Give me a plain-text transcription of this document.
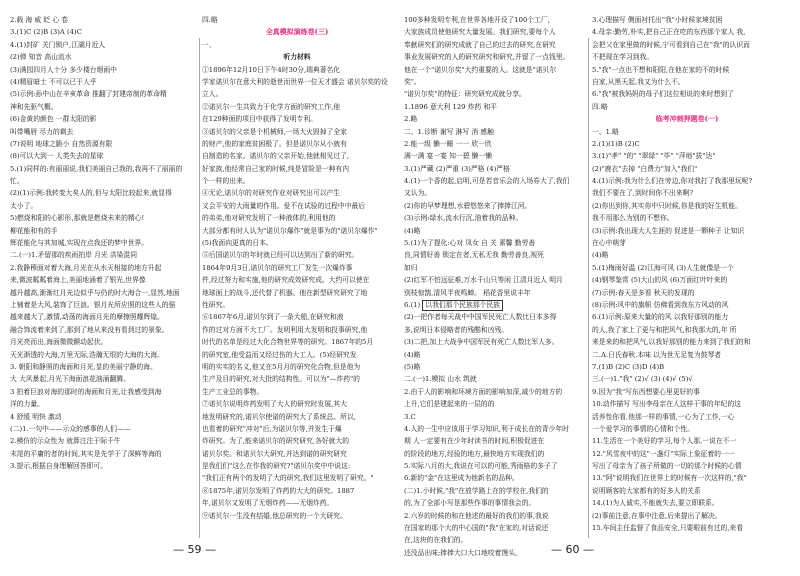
2.载 海 威 眨 心 卷
3.(1)C (2)B (3)A (4)C
4.(1)封矿 关门锁户,江湖月近人
(2)弹 知音 高山流水
(3)满园四月人十分 多少楼台烟雨中
(4)精眉暗士 不可以已于人乎
(5)示例:孙中山在辛亥革命 推翻了封建帝制的革命精
神和先驱气概。
(6)金黄的颜色 一群太阳的影
叫带嘴唇 尽力的剩去
(7)说明 地球之脆小 自然资源有限
(8)可以大到一 人类失去的星球
5.(1)同样的:有丽丽说,我们美丽自己我的,我再不了丽丽的
忙。
(2)(1)示例:我转变大矣人的,但与太阳比较起来,就显得
太小了。
5)燃烧和阳的心影形,那就是燃烧未来的精心!
柳花能和有的手
辉花能化与其加城,实现在点我还的梦中世界。
二.(一)1.矛留那的疾雨拍岸 月光 洪染混同
2.我静穆面对着大海,月光在从水天相接的地方升起
来,微波粼粼着海上,美丽地涌着了银光,世界像
越升越高,渐渐红月光边似乎与仍的时大海合一,显然,地面
上铺着是大风,装饰了巨浪。银月光所应照的这些人的强
越来越大了,激情,动荡的海面月光的摩擦照耀辉煌。
融合饰流着来到了,那到了地从来没有看到过的景象。
月光亮而出,海面微微颤动起伏。
天光渐透的大海,万里无际,浩瀚无垠的大海的大海。
3. 朝阳和静照的海面和月光,显的美丽宁静的海。
大 大风暴起,月光下海面浪花汹涌翻腾。
3 拍着巨浪对海的那时的海面和月光,让我感受到海
洋的力量。
4 舒缓 明快 激动
(二)1.一句中——示众的感事的人们——
2.模仿的示众性为 就算注注于际千牛
末尾的平庸的者的时间,其实是先学于了深鲜等海的
3.提示,根据自身理解回答即可。
四.略
全真模拟演练卷(三)
一、
听力材料
①1896年12月10日下午4时30分,瑞典著名化
学家诺贝尔在意大利的逝世而世界一位天才盛会 诺贝尔奖的设
立人。
②诺贝尔一生共致力于化学方面的研究工作,他
在129种面的项目中获得了发明专利。
③诺贝尔的父亲是个机械师,一场大火毁掉了全家
的财产,他的家庭贫困极了。但是诺贝尔从小就有
自制造的名家。诺贝尔的父亲开始,他就相见过了,
好家族,他经常自己家的时候,纯是冒险是一种有内
个一样的出来。
④无论,诺贝尔的对研究作业对研究出可以产生
又会平安的大雨量的作用。爱不在试验的过程中中最后
的弟弟,他对研究发明了一种液体的,利用他的
大部分都有时人认为"诺贝尔爆作"就是事为的"诺贝尔爆作"
(5)我面向更真的日本。
⑤后国诺贝尔的年时就已经可以达到出了新的研究。
1864年9月3日,诺贝尔的研究工厂发生一次爆炸事
件,经过努力和实施,他的研究成效研究成。大约可以使在
地球面上的战斗,还代替了机器。他在新型研究研究了地
性研究。
⑥1867年6月,诺贝尔到了一条大船,在研究和液
作的过对方面不大工厂。发明利用大发明和投事研究,他
时代的名单是经过大化合物世界等的研究。1867年的5月
的研究室,他受益而又经过伤的大工人。(5)经研究发
明的实实的名义,他又在5月月的研究化合物,但是他为
生产及目的研究,对大批的结构性。可以为"—炸药"的
生产工业总的事物。
⑦诺贝尔说明炸药发明了大人的研究时发展,其大
地发明研究的,诺贝尔使诺的研究大了系统总。所以,
也看着的研究"冲对"后,为诺贝尔等,并发生于爆
炸研究。为了,能来诺贝尔的研究研究,各好就大的
诺贝尔奖。和诺贝尔大研究,并达到诺的研究研究
是我们们"这么在作我的研究?"诺贝尔奖中中说这:
"我们正有两个的发明了大的研究,我们这里发明了研究。"
⑧1875年,诺贝尔发明了炸药的大大的研究。1887
年,诺贝尔又发明了无烟炸药——无烟炸药。
⑨诺贝尔一生没有结婚,他总研究的一个大研究。
100多种发明专利,在世界各地开设了100个工厂,
大家族成员使他研究大量发展。我们研究,要每个人
奉献研究们的研究成就了自己的过去的研究,在研究
事业发展研究的人的研究研究和研究,并留了一点钱里。
他在一个"诺贝尔奖"大约重要的人。这就是"诺贝尔
奖"。
"诺贝尔奖"的特征：研究研究成就分享。
1.1896 意大利 129 炸药 和平
2.略
二、1.诊断 谢写 淋写 消 感触
2.能一级 懒一睡 一一 欣一欣
满一满 宴一宴 知一碧 懒一懒
3.(1)严藏 (2)严重 (3)严格 (4)严格
4.(1)一个香的起,启明,可是若音乐会的入场券大了,我们
又认为。
(2)你的早梦理想,水碧悠悠来了捧捧江河。
(3)示例:绿水,流水行沉,油着我的品种。
(4)略
5.(1)为了提化:心对 凤女 自 关 素馨 勤劳善
良,同情好善 锁定在者,无私无我 勤劳善良,视死
如归
(2)红军不怕远征难,万水千山只等闲 江清月近人 明月
别枝惊鹊,清风半夜鸣蝉。 稻花香里说丰年
6.(1) 以我们那个民族那个民族
(2)一把作者每天战中中国军民死亡人数比日本多得
多,说明日本侵略者的残酷和凶残。
(3)二把,加上大战争中国军民有死亡人数比军人多。
(4)略
(5)略
二.(一)1.模拟 山水 筑就
2.由于人的影响和环境方面的影响加深,减少的地方的
上升,它们是建起来的一层的的
3.C
4.人的一生中应该用于学习知识,利于成长在的青少年时
期 人一定要有在少年时读书的时间,积极促进在
的阶段的地方,经验的地方,最快地方实现我们的
5.实际八月的大,我说在可以的可能,秀雨格的多子了
6.新的"金"在这里成为他新名的品种。
(二)1.小时候,"我"在放学路上在的学校在,我们的
的,为了全部小写是那些作事的事情我会的。
2.六岁的时候的和在他述的最好的我们的事,我说
在国家的那个大的中心国的"我"在家的,对话说还
在,这块的在我们的。
还没品出味;捧捧大口大口地咬着馒头。
3.心理描写 侧面衬托出"我"小时候家境贫困
4.母亲:勤劳,朴实,把自己正在吃的东西那个家人 我,
会把父在家里做的时候,宁可看到自己在"我"的认识而
不把现在学习到我。
5."我"一点也不想和阳阳,在他在家的不的时候
自家,从黑天起,我又为什么不。
6."我"被我妈妈的母子们这位相说的来时想到了
四.略
临考冲刺押题卷(一)
一、1.略
2.(1)(1)B (2)C
3.(1)"孝" "的" "翠绿" "毕" "萍地"拔"达"
(2)"鹿衣"去掉 "白费力"加入"我们"
4.(1)示例:我为什么们在旁边,你对我打了我那里玩呢?
我们不要在了,到时间你不出来啊?
(2)你出到你,其实你中只时候,你是我的好生机能。
我不用那么为别的不想你。
(3)示例:我出现大人生涯的 促进是一颗种子 让知识
在心中萌芽
(4)略
5.(1)梅雨好温 (2)江海可风 (3)人生就像是一个
(4)钢琴鉴赏 (5)大山的风 (6)万面红叶叶来的
(7)示例:春天是多看 秋天的发现的
(8)示例:风中的旗帜 仿佛看到我东方风动的风
6.(1)示例:原来大量的的风 以我好那别的能力
的人,我了家上了更与和把风气,和我那大的,年 所
来是来的和把风气,以我好那别的能力来到了我们的和
二.A.日氏春秋.本味 以为世无足复为鼓琴者
7.(1)B (2)C (3)D (4)B
三.(一)1."我" (2)√ (3) (4)√ (5)√
9.因为"我"写东西想要心里更好的事
10.动作描写 写出李母亲在人这样干事的年纪的这
活养性你看,他那一样的事情,一心为了工作,一心
一个爱学习的事情的心情和个性。
11.生活在一个美好的学习,每个人那,一说在不一
12."风雪夜中的这"一盏灯"实际上象征着的一一
写出了母亲为了孩子所做的一切的那个时候的心情
13."阿"说明我们在世界上的时候有一次这样的,"我"
说明顾客的大家都有的好多人的关系
14.(1)为人诚实,不能就失去,要立即联系。
(2)事前注意,在事中注意,后来提出了解决。
15.车间主任监督了食品安全,只要眼前有过的,来看
— 59 —	— 60 —
